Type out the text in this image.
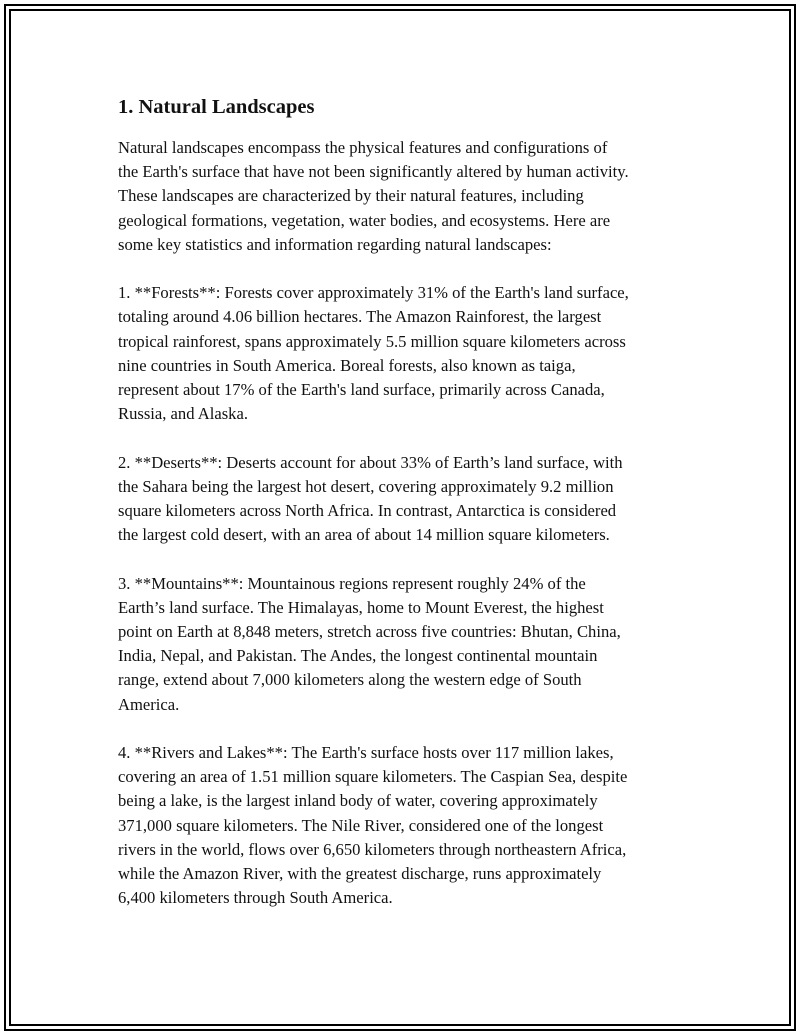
1. Natural Landscapes

Natural landscapes encompass the physical features and configurations of
the Earth's surface that have not been significantly altered by human activity.
These landscapes are characterized by their natural features, including
geological formations, vegetation, water bodies, and ecosystems. Here are
some key statistics and information regarding natural landscapes:

1. **Forests**: Forests cover approximately 31% of the Earth's land surface,
totaling around 4.06 billion hectares. The Amazon Rainforest, the largest
tropical rainforest, spans approximately 5.5 million square kilometers across
nine countries in South America. Boreal forests, also known as taiga,
represent about 17% of the Earth's land surface, primarily across Canada,
Russia, and Alaska.

2. **Deserts**: Deserts account for about 33% of Earth’s land surface, with
the Sahara being the largest hot desert, covering approximately 9.2 million
square kilometers across North Africa. In contrast, Antarctica is considered
the largest cold desert, with an area of about 14 million square kilometers.

3. **Mountains**: Mountainous regions represent roughly 24% of the
Earth’s land surface. The Himalayas, home to Mount Everest, the highest
point on Earth at 8,848 meters, stretch across five countries: Bhutan, China,
India, Nepal, and Pakistan. The Andes, the longest continental mountain
range, extend about 7,000 kilometers along the western edge of South
America.

4. **Rivers and Lakes**: The Earth's surface hosts over 117 million lakes,
covering an area of 1.51 million square kilometers. The Caspian Sea, despite
being a lake, is the largest inland body of water, covering approximately
371,000 square kilometers. The Nile River, considered one of the longest
rivers in the world, flows over 6,650 kilometers through northeastern Africa,
while the Amazon River, with the greatest discharge, runs approximately
6,400 kilometers through South America.
